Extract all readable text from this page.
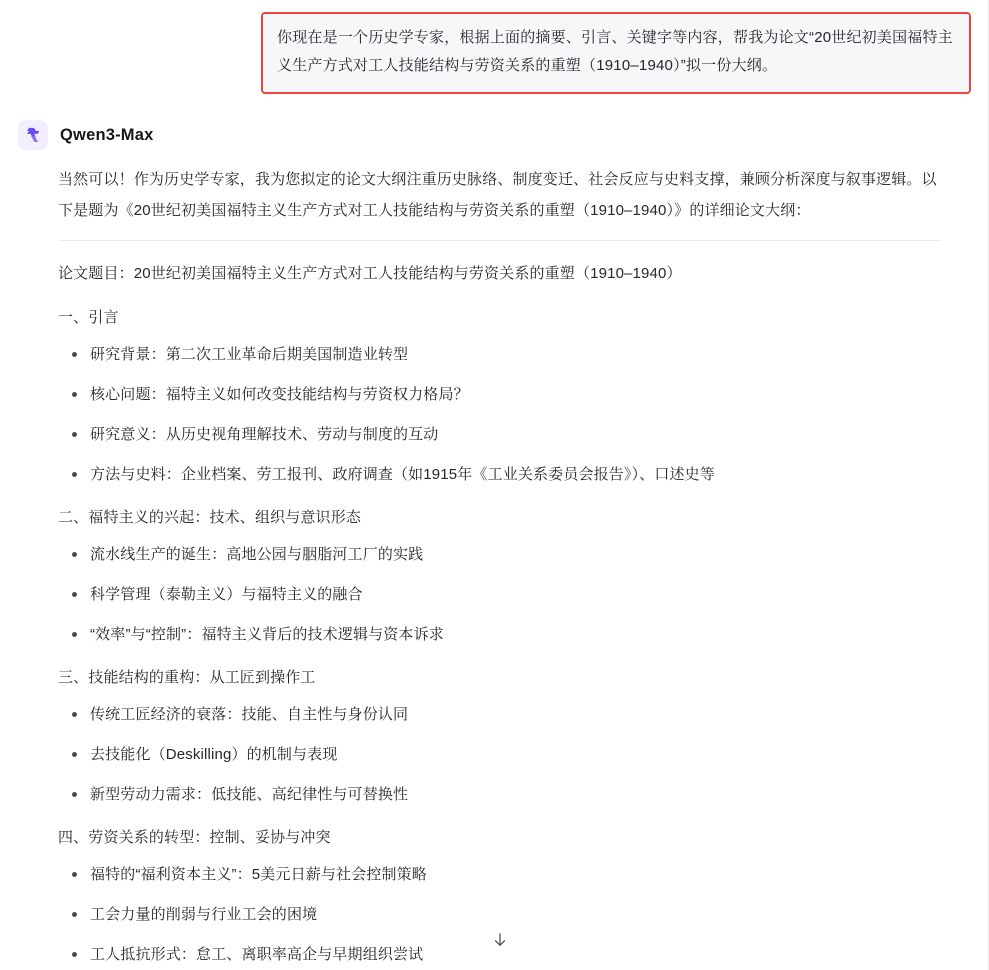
你现在是一个历史学专家，根据上面的摘要、引言、关键字等内容，帮我为论文“20世纪初美国福特主义生产方式对工人技能结构与劳资关系的重塑（1910–1940）”拟一份大纲。
Qwen3-Max

当然可以！作为历史学专家，我为您拟定的论文大纲注重历史脉络、制度变迁、社会反应与史料支撑，兼顾分析深度与叙事逻辑。以下是题为《20世纪初美国福特主义生产方式对工人技能结构与劳资关系的重塑（1910–1940）》的详细论文大纲：

论文题目：20世纪初美国福特主义生产方式对工人技能结构与劳资关系的重塑（1910–1940）

一、引言

研究背景：第二次工业革命后期美国制造业转型
核心问题：福特主义如何改变技能结构与劳资权力格局？
研究意义：从历史视角理解技术、劳动与制度的互动
方法与史料：企业档案、劳工报刊、政府调查（如1915年《工业关系委员会报告》）、口述史等

二、福特主义的兴起：技术、组织与意识形态

流水线生产的诞生：高地公园与胭脂河工厂的实践
科学管理（泰勒主义）与福特主义的融合
“效率”与“控制”：福特主义背后的技术逻辑与资本诉求

三、技能结构的重构：从工匠到操作工

传统工匠经济的衰落：技能、自主性与身份认同
去技能化（Deskilling）的机制与表现
新型劳动力需求：低技能、高纪律性与可替换性

四、劳资关系的转型：控制、妥协与冲突

福特的“福利资本主义”：5美元日薪与社会控制策略
工会力量的削弱与行业工会的困境
工人抵抗形式：怠工、离职率高企与早期组织尝试
